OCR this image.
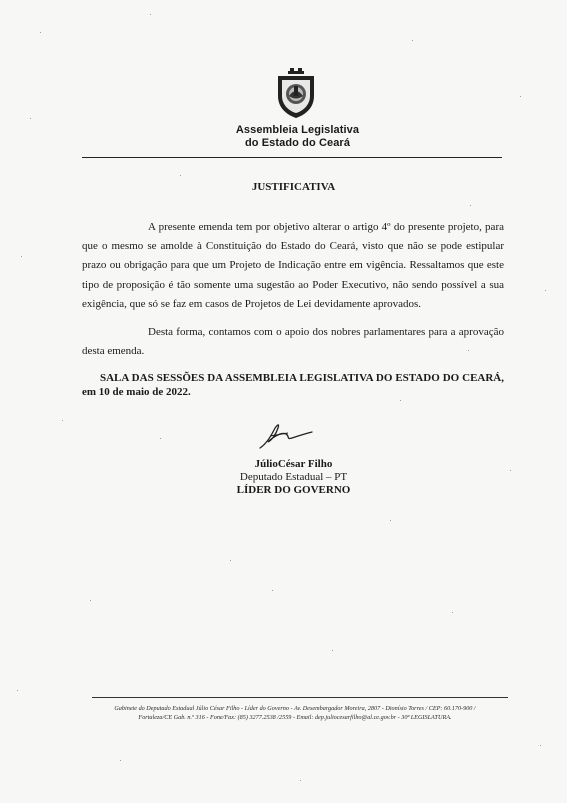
Assembleia Legislativa
do Estado do Ceará
JUSTIFICATIVA
A presente emenda tem por objetivo alterar o artigo 4º do presente projeto, para que o mesmo se amolde à Constituição do Estado do Ceará, visto que não se pode estipular prazo ou obrigação para que um Projeto de Indicação entre em vigência. Ressaltamos que este tipo de proposição é tão somente uma sugestão ao Poder Executivo, não sendo possível a sua exigência, que só se faz em casos de Projetos de Lei devidamente aprovados.
Desta forma, contamos com o apoio dos nobres parlamentares para a aprovação desta emenda.
SALA DAS SESSÕES DA ASSEMBLEIA LEGISLATIVA DO ESTADO DO CEARÁ, em 10 de maio de 2022.
JúlioCésar Filho
Deputado Estadual – PT
LÍDER DO GOVERNO
Gabinete do Deputado Estadual Júlio César Filho - Líder do Governo - Av. Desembargador Moreira, 2807 - Dionísio Torres / CEP: 60.170-900 /
Fortaleza/CE Gab. n.º 316 - Fone/Fax: (85) 3277.2538 /2559 - Email: dep.juliocesarfilho@al.ce.gov.br - 30ª LEGISLATURA.
